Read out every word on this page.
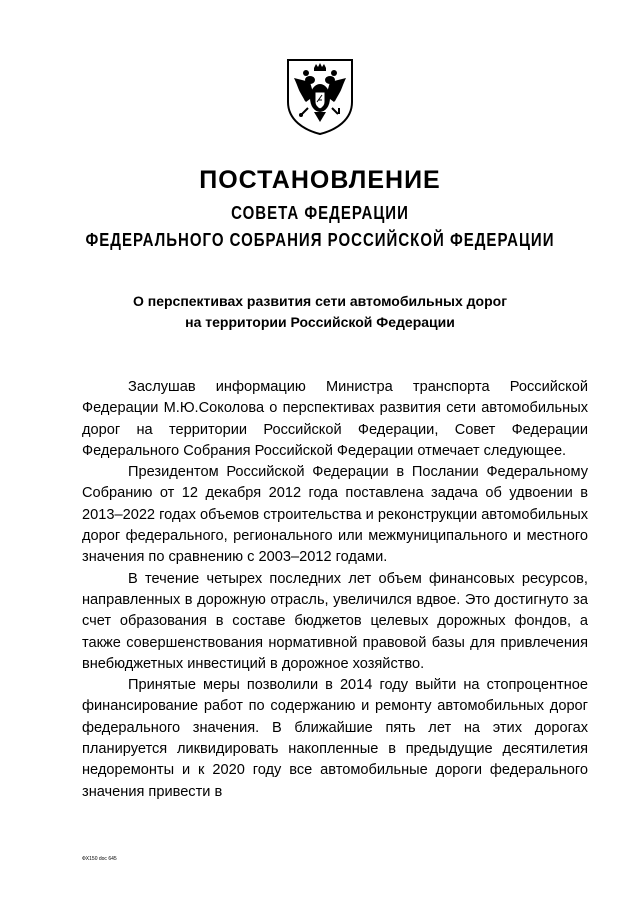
ПОСТАНОВЛЕНИЕ
СОВЕТА ФЕДЕРАЦИИ
ФЕДЕРАЛЬНОГО СОБРАНИЯ РОССИЙСКОЙ ФЕДЕРАЦИИ
О перспективах развития сети автомобильных дорог
на территории Российской Федерации

Заслушав информацию Министра транспорта Российской Федерации М.Ю.Соколова о перспективах развития сети автомобильных дорог на территории Российской Федерации, Совет Федерации Федерального Собрания Российской Федерации отмечает следующее.

Президентом Российской Федерации в Послании Федеральному Собранию от 12 декабря 2012 года поставлена задача об удвоении в 2013–2022 годах объемов строительства и реконструкции автомобильных дорог федерального, регионального или межмуниципального и местного значения по сравнению с 2003–2012 годами.

В течение четырех последних лет объем финансовых ресурсов, направленных в дорожную отрасль, увеличился вдвое. Это достигнуто за счет образования в составе бюджетов целевых дорожных фондов, а также совершенствования нормативной правовой базы для привлечения внебюджетных инвестиций в дорожное хозяйство.

Принятые меры позволили в 2014 году выйти на стопроцентное финансирование работ по содержанию и ремонту автомобильных дорог федерального значения. В ближайшие пять лет на этих дорогах планируется ликвидировать накопленные в предыдущие десятилетия недоремонты и к 2020 году все автомобильные дороги федерального значения привести в

ФХ150 doc 645
